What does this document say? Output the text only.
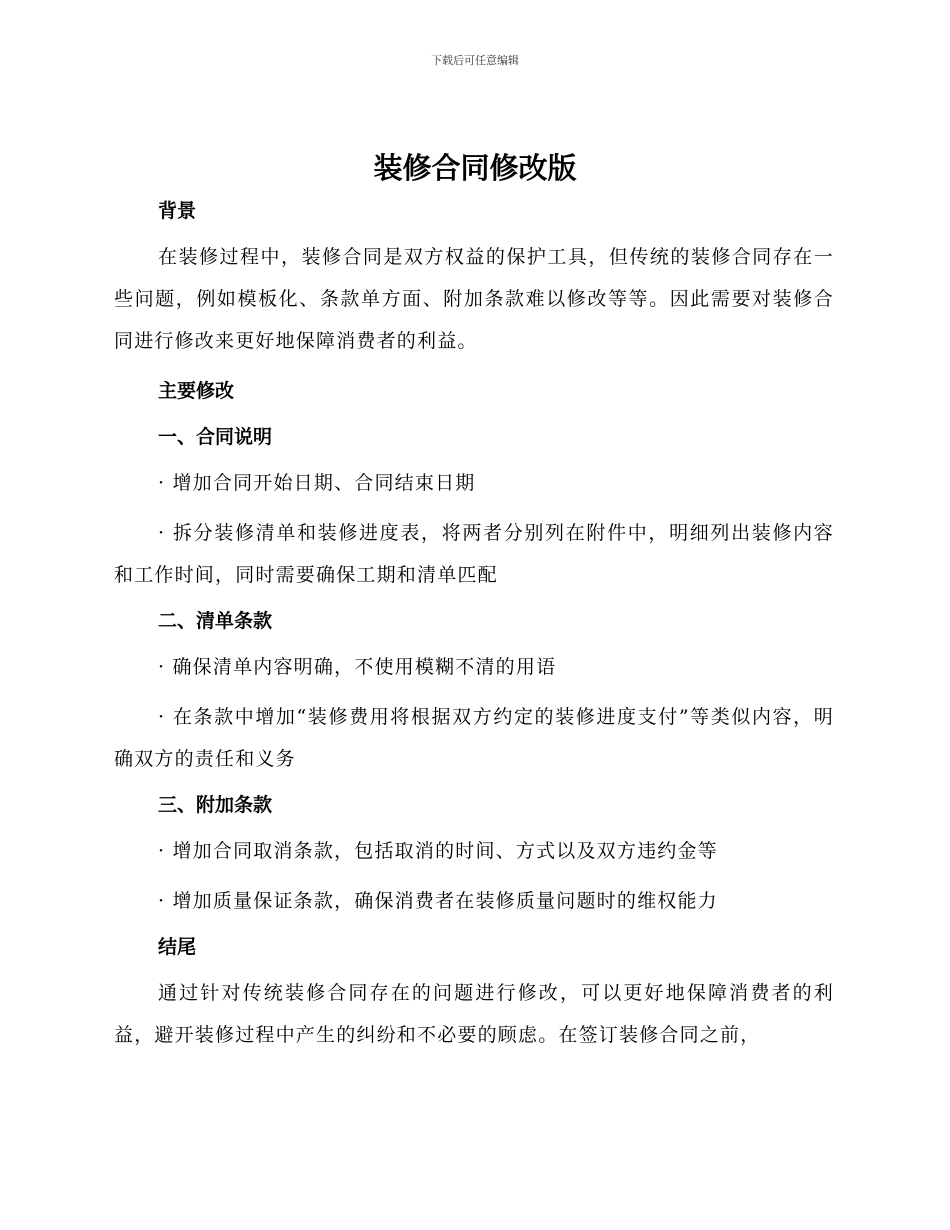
下载后可任意编辑
装修合同修改版

背景

在装修过程中，装修合同是双方权益的保护工具，但传统的装修合同存在一些问题，例如模板化、条款单方面、附加条款难以修改等等。因此需要对装修合同进行修改来更好地保障消费者的利益。

主要修改

一、合同说明

· 增加合同开始日期、合同结束日期

· 拆分装修清单和装修进度表，将两者分别列在附件中，明细列出装修内容和工作时间，同时需要确保工期和清单匹配

二、清单条款

· 确保清单内容明确，不使用模糊不清的用语

· 在条款中增加“装修费用将根据双方约定的装修进度支付”等类似内容，明确双方的责任和义务

三、附加条款

· 增加合同取消条款，包括取消的时间、方式以及双方违约金等

· 增加质量保证条款，确保消费者在装修质量问题时的维权能力

结尾

通过针对传统装修合同存在的问题进行修改，可以更好地保障消费者的利益，避开装修过程中产生的纠纷和不必要的顾虑。在签订装修合同之前，
